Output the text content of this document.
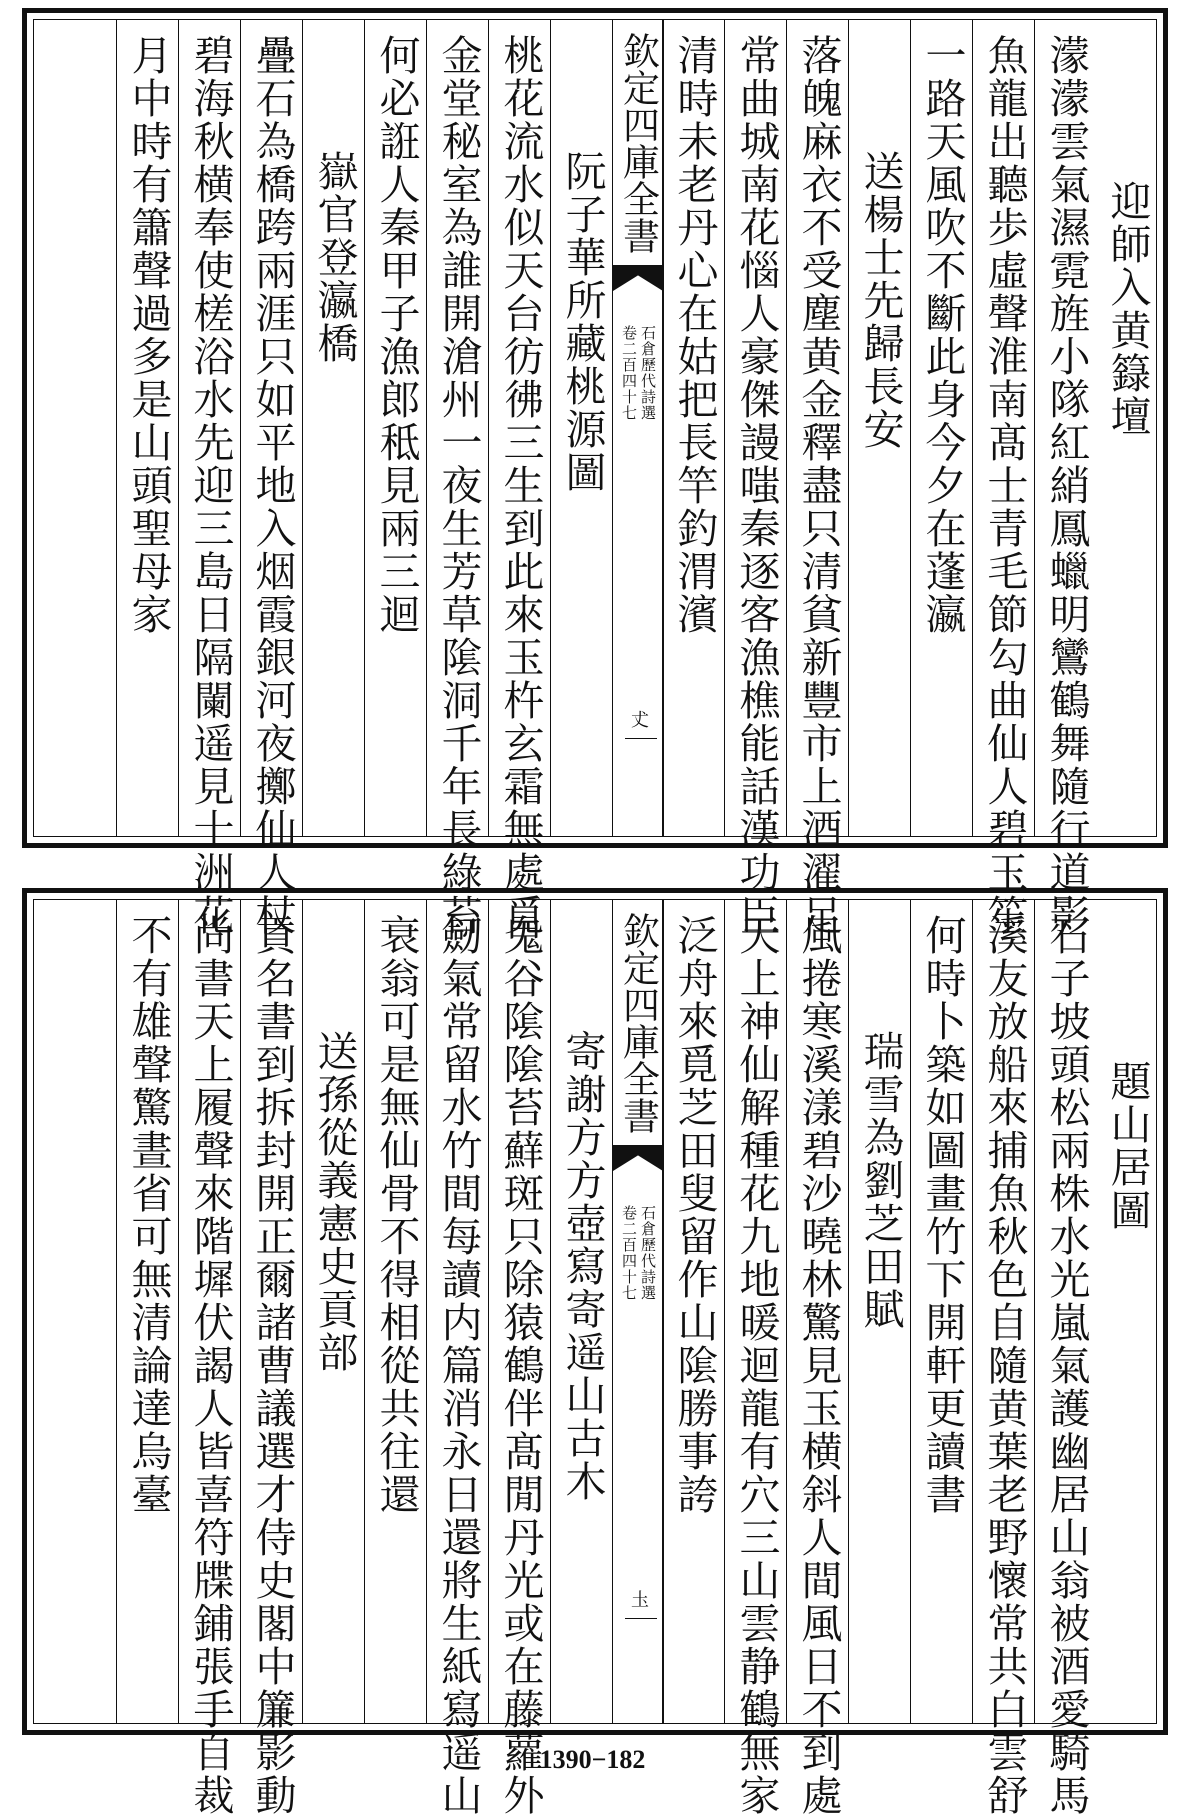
迎師入黄籙壇
濛濛雲氣濕霓旌小隊紅綃鳳蠟明鸞鶴舞隨行道影
魚龍出聽歩虛聲淮南髙士青毛節勾曲仙人碧玉笙
一路天風吹不斷此身今夕在蓬瀛
送楊士先歸長安
落魄麻衣不受塵黄金釋盡只清貧新豐市上酒濯足
常曲城南花惱人豪傑謾嗤秦逐客漁樵能話漢功臣
清時未老丹心在姑把長竿釣渭濱
欽定四庫全書
石倉歷代詩選
卷二百四十七
𠀋
阮子華所藏桃源圖
桃花流水似天台彷彿三生到此來玉杵玄霜無處覓
金堂秘室為誰開滄州一夜生芳草隂洞千年長綠苔
何必誑人秦甲子漁郎秪見兩三迴
嶽官登瀛橋
疊石為橋跨兩涯只如平地入烟霞銀河夜擲仙人杖
碧海秋横奉使槎浴水先迎三島日隔闌遥見十洲花
月中時有簫聲過多是山頭聖母家
題山居圖
石子坡頭松兩株水光嵐氣護幽居山翁被酒愛騎馬
溪友放船來捕魚秋色自隨黄葉老野懷常共白雲舒
何時卜築如圖畫竹下開軒更讀書
瑞雪為劉芝田賦
風捲寒溪漾碧沙曉林驚見玉横斜人間風日不到處
天上神仙解種花九地暖迴龍有穴三山雲静鶴無家
泛舟來覓芝田叟留作山隂勝事誇
欽定四庫全書
石倉歷代詩選
卷二百四十七
圡
寄謝方方壺寫寄遥山古木
鬼谷隂隂苔蘚斑只除猿鶴伴髙閒丹光或在藤蘿外
劒氣常留水竹間每讀内篇消永日還將生紙寫遥山
衰翁可是無仙骨不得相從共往還
送孫從義憲史貢部
貢名書到拆封開正爾諸曹議選才侍史閣中簾影動
尚書天上履聲來階墀伏謁人皆喜符牒鋪張手自裁
不有雄聲驚晝省可無清論達烏臺
1390−182
